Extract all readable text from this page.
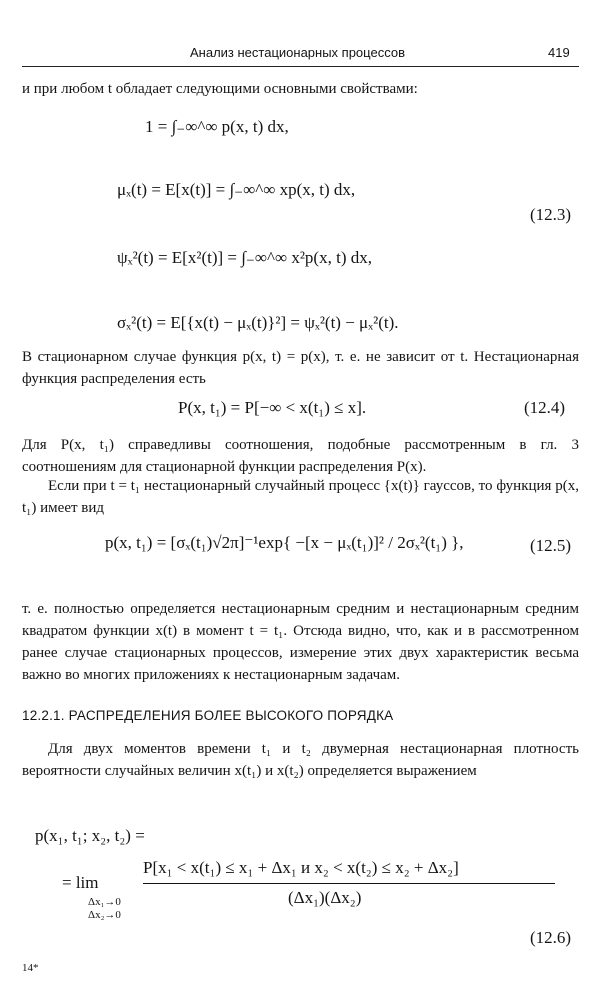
Анализ нестационарных процессов	419
и при любом t обладает следующими основными свойствами:
1 = ∫₋∞^∞ p(x, t) dx,
μₓ(t) = E[x(t)] = ∫₋∞^∞ xp(x, t) dx,
(12.3)
ψₓ²(t) = E[x²(t)] = ∫₋∞^∞ x²p(x, t) dx,
σₓ²(t) = E[{x(t) − μₓ(t)}²] = ψₓ²(t) − μₓ²(t).
В стационарном случае функция p(x, t) = p(x), т. е. не зависит от t. Нестационарная функция распределения есть
P(x, t₁) = P[−∞ < x(t₁) ≤ x].	(12.4)
Для P(x, t₁) справедливы соотношения, подобные рассмотренным в гл. 3 соотношениям для стационарной функции распределения P(x).
Если при t = t₁ нестационарный случайный процесс {x(t)} гауссов, то функция p(x, t₁) имеет вид
p(x, t₁) = [σₓ(t₁)√2π]⁻¹exp{ −[x − μₓ(t₁)]² / 2σₓ²(t₁) },	(12.5)
т. е. полностью определяется нестационарным средним и нестационарным средним квадратом функции x(t) в момент t = t₁. Отсюда видно, что, как и в рассмотренном ранее случае стационарных процессов, измерение этих двух характеристик весьма важно во многих приложениях к нестационарным задачам.
12.2.1. РАСПРЕДЕЛЕНИЯ БОЛЕЕ ВЫСОКОГО ПОРЯДКА
Для двух моментов времени t₁ и t₂ двумерная нестационарная плотность вероятности случайных величин x(t₁) и x(t₂) определяется выражением
p(x₁, t₁; x₂, t₂) =
= lim
Δx₁→0
Δx₂→0
P[x₁ < x(t₁) ≤ x₁ + Δx₁ и x₂ < x(t₂) ≤ x₂ + Δx₂]
(Δx₁)(Δx₂)
(12.6)
14*
